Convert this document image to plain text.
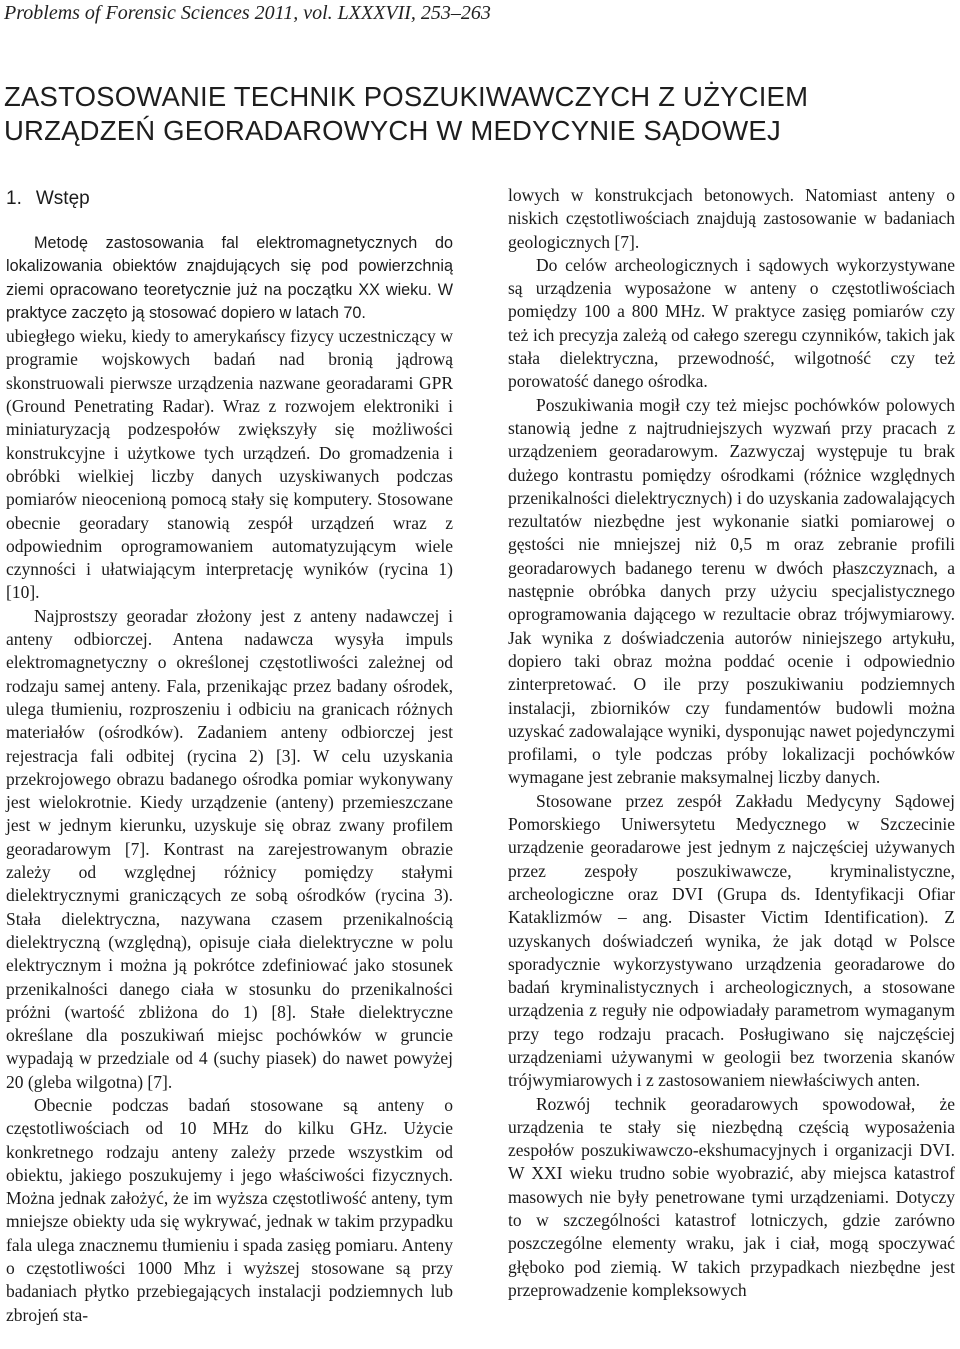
Problems of Forensic Sciences 2011, vol. LXXXVII, 253–263
ZASTOSOWANIE TECHNIK POSZUKIWAWCZYCH Z UŻYCIEM
URZĄDZEŃ GEORADAROWYCH W MEDYCYNIE SĄDOWEJ
1. Wstęp

Metodę zastosowania fal elektromagnetycznych do lokalizowania obiektów znajdujących się pod powierzchnią ziemi opracowano teoretycznie już na początku XX wieku. W praktyce zaczęto ją stosować dopiero w latach 70.

ubiegłego wieku, kiedy to amerykańscy fizycy uczestniczący w programie wojskowych badań nad bronią jądrową skonstruowali pierwsze urządzenia nazwane georadarami GPR (Ground Penetrating Radar). Wraz z rozwojem elektroniki i miniaturyzacją podzespołów zwiększyły się możliwości konstrukcyjne i użytkowe tych urządzeń. Do gromadzenia i obróbki wielkiej liczby danych uzyskiwanych podczas pomiarów nieocenioną pomocą stały się komputery. Stosowane obecnie georadary stanowią zespół urządzeń wraz z odpowiednim oprogramowaniem automatyzującym wiele czynności i ułatwiającym interpretację wyników (rycina 1) [10].

Najprostszy georadar złożony jest z anteny nadawczej i anteny odbiorczej. Antena nadawcza wysyła impuls elektromagnetyczny o określonej częstotliwości zależnej od rodzaju samej anteny. Fala, przenikając przez badany ośrodek, ulega tłumieniu, rozproszeniu i odbiciu na granicach różnych materiałów (ośrodków). Zadaniem anteny odbiorczej jest rejestracja fali odbitej (rycina 2) [3]. W celu uzyskania przekrojowego obrazu badanego ośrodka pomiar wykonywany jest wielokrotnie. Kiedy urządzenie (anteny) przemieszczane jest w jednym kierunku, uzyskuje się obraz zwany profilem georadarowym [7]. Kontrast na zarejestrowanym obrazie zależy od względnej różnicy pomiędzy stałymi dielektrycznymi graniczących ze sobą ośrodków (rycina 3). Stała dielektryczna, nazywana czasem przenikalnością dielektryczną (względną), opisuje ciała dielektryczne w polu elektrycznym i można ją pokrótce zdefiniować jako stosunek przenikalności danego ciała w stosunku do przenikalności próżni (wartość zbliżona do 1) [8]. Stałe dielektryczne określane dla poszukiwań miejsc pochówków w gruncie wypadają w przedziale od 4 (suchy piasek) do nawet powyżej 20 (gleba wilgotna) [7].

Obecnie podczas badań stosowane są anteny o częstotliwościach od 10 MHz do kilku GHz. Użycie konkretnego rodzaju anteny zależy przede wszystkim od obiektu, jakiego poszukujemy i jego właściwości fizycznych. Można jednak założyć, że im wyższa częstotliwość anteny, tym mniejsze obiekty uda się wykrywać, jednak w takim przypadku fala ulega znacznemu tłumieniu i spada zasięg pomiaru. Anteny o częstotliwości 1000 Mhz i wyższej stosowane są przy badaniach płytko przebiegających instalacji podziemnych lub zbrojeń sta-

lowych w konstrukcjach betonowych. Natomiast anteny o niskich częstotliwościach znajdują zastosowanie w badaniach geologicznych [7].

Do celów archeologicznych i sądowych wykorzystywane są urządzenia wyposażone w anteny o częstotliwościach pomiędzy 100 a 800 MHz. W praktyce zasięg pomiarów czy też ich precyzja zależą od całego szeregu czynników, takich jak stała dielektryczna, przewodność, wilgotność czy też porowatość danego ośrodka.

Poszukiwania mogił czy też miejsc pochówków polowych stanowią jedne z najtrudniejszych wyzwań przy pracach z urządzeniem georadarowym. Zazwyczaj występuje tu brak dużego kontrastu pomiędzy ośrodkami (różnice względnych przenikalności dielektrycznych) i do uzyskania zadowalających rezultatów niezbędne jest wykonanie siatki pomiarowej o gęstości nie mniejszej niż 0,5 m oraz zebranie profili georadarowych badanego terenu w dwóch płaszczyznach, a następnie obróbka danych przy użyciu specjalistycznego oprogramowania dającego w rezultacie obraz trójwymiarowy. Jak wynika z doświadczenia autorów niniejszego artykułu, dopiero taki obraz można poddać ocenie i odpowiednio zinterpretować. O ile przy poszukiwaniu podziemnych instalacji, zbiorników czy fundamentów budowli można uzyskać zadowalające wyniki, dysponując nawet pojedynczymi profilami, o tyle podczas próby lokalizacji pochówków wymagane jest zebranie maksymalnej liczby danych.

Stosowane przez zespół Zakładu Medycyny Sądowej Pomorskiego Uniwersytetu Medycznego w Szczecinie urządzenie georadarowe jest jednym z najczęściej używanych przez zespoły poszukiwawcze, kryminalistyczne, archeologiczne oraz DVI (Grupa ds. Identyfikacji Ofiar Kataklizmów – ang. Disaster Victim Identification). Z uzyskanych doświadczeń wynika, że jak dotąd w Polsce sporadycznie wykorzystywano urządzenia georadarowe do badań kryminalistycznych i archeologicznych, a stosowane urządzenia z reguły nie odpowiadały parametrom wymaganym przy tego rodzaju pracach. Posługiwano się najczęściej urządzeniami używanymi w geologii bez tworzenia skanów trójwymiarowych i z zastosowaniem niewłaściwych anten.

Rozwój technik georadarowych spowodował, że urządzenia te stały się niezbędną częścią wyposażenia zespołów poszukiwawczo-ekshumacyjnych i organizacji DVI. W XXI wieku trudno sobie wyobrazić, aby miejsca katastrof masowych nie były penetrowane tymi urządzeniami. Dotyczy to w szczególności katastrof lotniczych, gdzie zarówno poszczególne elementy wraku, jak i ciał, mogą spoczywać głęboko pod ziemią. W takich przypadkach niezbędne jest przeprowadzenie kompleksowych
